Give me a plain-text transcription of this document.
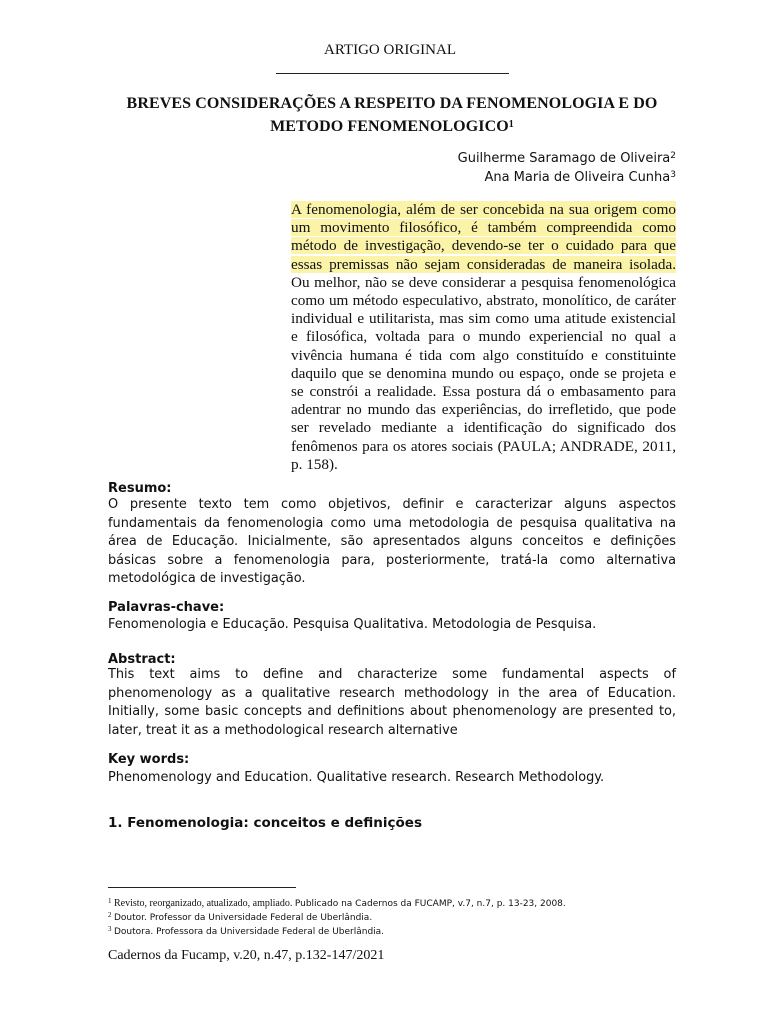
ARTIGO ORIGINAL
BREVES CONSIDERAÇÕES A RESPEITO DA FENOMENOLOGIA E DO METODO FENOMENOLOGICO$^1$
Guilherme Saramago de Oliveira$^2$
Ana Maria de Oliveira Cunha$^3$
A fenomenologia, além de ser concebida na sua origem como um movimento filosófico, é também compreendida como método de investigação, devendo-se ter o cuidado para que essas premissas não sejam consideradas de maneira isolada. Ou melhor, não se deve considerar a pesquisa fenomenológica como um método especulativo, abstrato, monolítico, de caráter individual e utilitarista, mas sim como uma atitude existencial e filosófica, voltada para o mundo experiencial no qual a vivência humana é tida com algo constituído e constituinte daquilo que se denomina mundo ou espaço, onde se projeta e se constrói a realidade. Essa postura dá o embasamento para adentrar no mundo das experiências, do irrefletido, que pode ser revelado mediante a identificação do significado dos fenômenos para os atores sociais (PAULA; ANDRADE, 2011, p. 158).
Resumo:
O presente texto tem como objetivos, definir e caracterizar alguns aspectos fundamentais da fenomenologia como uma metodologia de pesquisa qualitativa na área de Educação. Inicialmente, são apresentados alguns conceitos e definições básicas sobre a fenomenologia para, posteriormente, tratá-la como alternativa metodológica de investigação.
Palavras-chave:
Fenomenologia e Educação. Pesquisa Qualitativa. Metodologia de Pesquisa.
Abstract:
This text aims to define and characterize some fundamental aspects of phenomenology as a qualitative research methodology in the area of Education. Initially, some basic concepts and definitions about phenomenology are presented to, later, treat it as a methodological research alternative
Key words:
Phenomenology and Education. Qualitative research. Research Methodology.
1. Fenomenologia: conceitos e definições
$^1$ Revisto, reorganizado, atualizado, ampliado. Publicado na Cadernos da FUCAMP, v.7, n.7, p. 13-23, 2008.
$^2$ Doutor. Professor da Universidade Federal de Uberlândia.
$^3$ Doutora. Professora da Universidade Federal de Uberlândia.
Cadernos da Fucamp, v.20, n.47, p.132-147/2021
